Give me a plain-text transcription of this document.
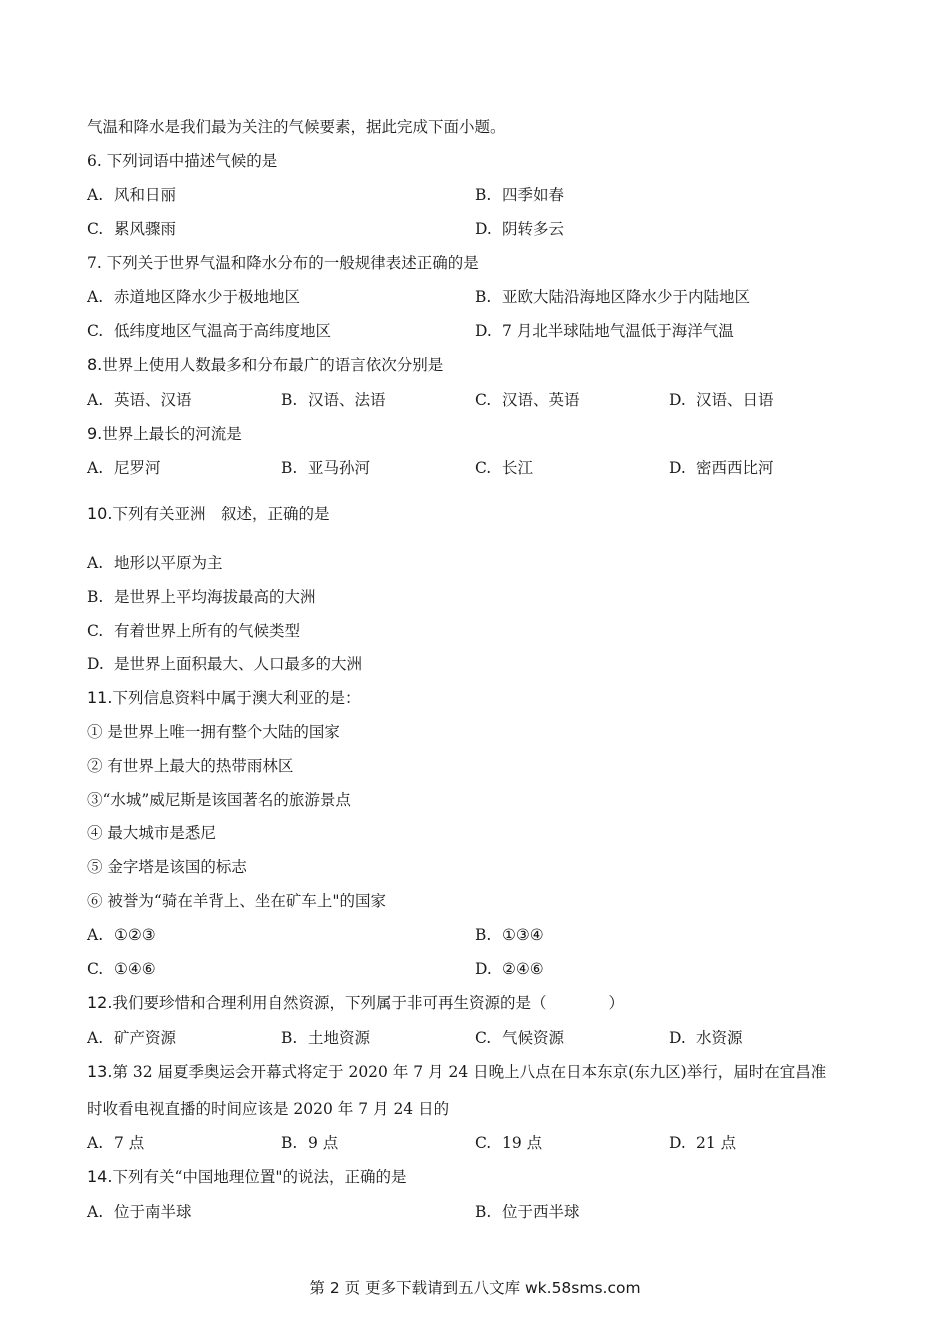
气温和降水是我们最为关注的气候要素，据此完成下面小题。
6. 下列词语中描述气候的是
A. 风和日丽	B. 四季如春
C. 累风骤雨	D. 阴转多云
7. 下列关于世界气温和降水分布的一般规律表述正确的是
A. 赤道地区降水少于极地地区	B. 亚欧大陆沿海地区降水少于内陆地区
C. 低纬度地区气温高于高纬度地区	D. 7 月北半球陆地气温低于海洋气温
8.世界上使用人数最多和分布最广的语言依次分别是
A. 英语、汉语	B. 汉语、法语	C. 汉语、英语	D. 汉语、日语
9.世界上最长的河流是
A. 尼罗河	B. 亚马孙河	C. 长江	D. 密西西比河
10.下列有关亚洲　叙述，正确的是
A. 地形以平原为主
B. 是世界上平均海拔最高的大洲
C. 有着世界上所有的气候类型
D. 是世界上面积最大、人口最多的大洲
11.下列信息资料中属于澳大利亚的是：
① 是世界上唯一拥有整个大陆的国家
② 有世界上最大的热带雨林区
③“水城”威尼斯是该国著名的旅游景点
④ 最大城市是悉尼
⑤ 金字塔是该国的标志
⑥ 被誉为“骑在羊背上、坐在矿车上"的国家
A. ①②③	B. ①③④
C. ①④⑥	D. ②④⑥
12.我们要珍惜和合理利用自然资源，下列属于非可再生资源的是（　　　　）
A. 矿产资源	B. 土地资源	C. 气候资源	D. 水资源
13.第 32 届夏季奥运会开幕式将定于 2020 年 7 月 24 日晚上八点在日本东京(东九区)举行，届时在宜昌准
时收看电视直播的时间应该是 2020 年 7 月 24 日的
A. 7 点	B. 9 点	C. 19 点	D. 21 点
14.下列有关“中国地理位置"的说法，正确的是
A. 位于南半球	B. 位于西半球
第 2 页 更多下载请到五八文库 wk.58sms.com
